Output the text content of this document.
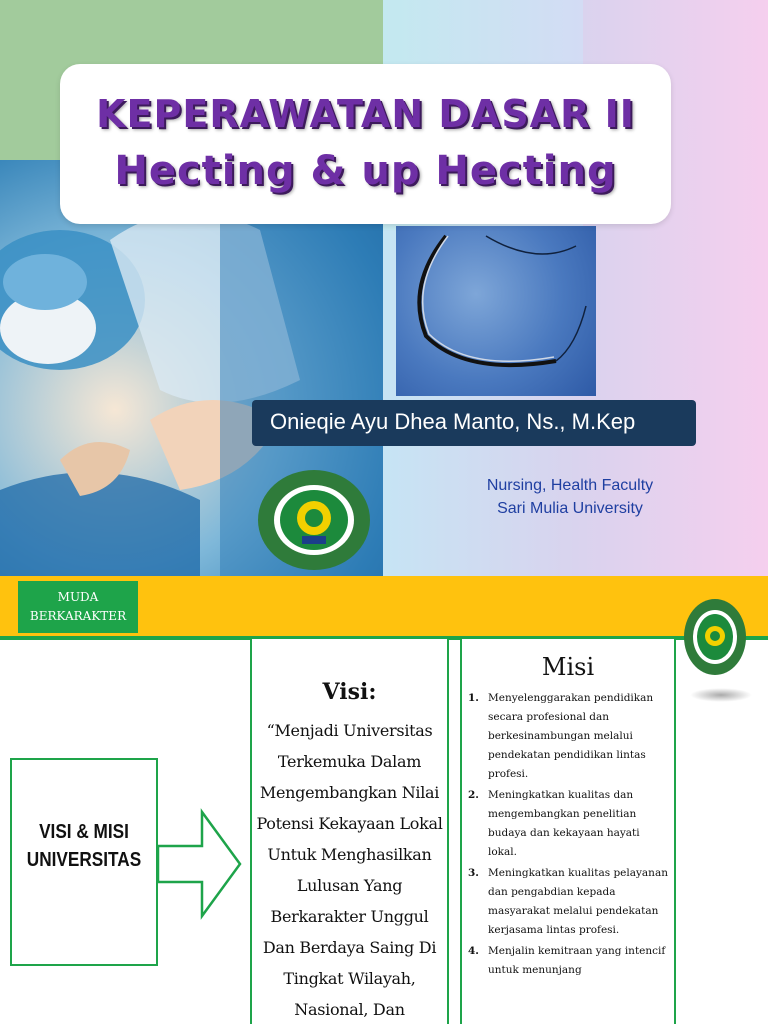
KEPERAWATAN DASAR II
Hecting & up Hecting
Onieqie Ayu Dhea Manto, Ns., M.Kep
Nursing, Health Faculty
Sari Mulia University
MUDA
BERKARAKTER
VISI & MISI
UNIVERSITAS
Visi:
“Menjadi Universitas Terkemuka Dalam Mengembangkan Nilai Potensi Kekayaan Lokal Untuk Menghasilkan Lulusan Yang Berkarakter Unggul Dan Berdaya Saing Di Tingkat Wilayah, Nasional, Dan
Misi
1. Menyelenggarakan pendidikan secara profesional dan berkesinambungan melalui pendekatan pendidikan lintas profesi.
2. Meningkatkan kualitas dan mengembangkan penelitian budaya dan kekayaan hayati lokal.
3. Meningkatkan kualitas pelayanan dan pengabdian kepada masyarakat melalui pendekatan kerjasama lintas profesi.
4. Menjalin kemitraan yang intencif untuk menunjang
